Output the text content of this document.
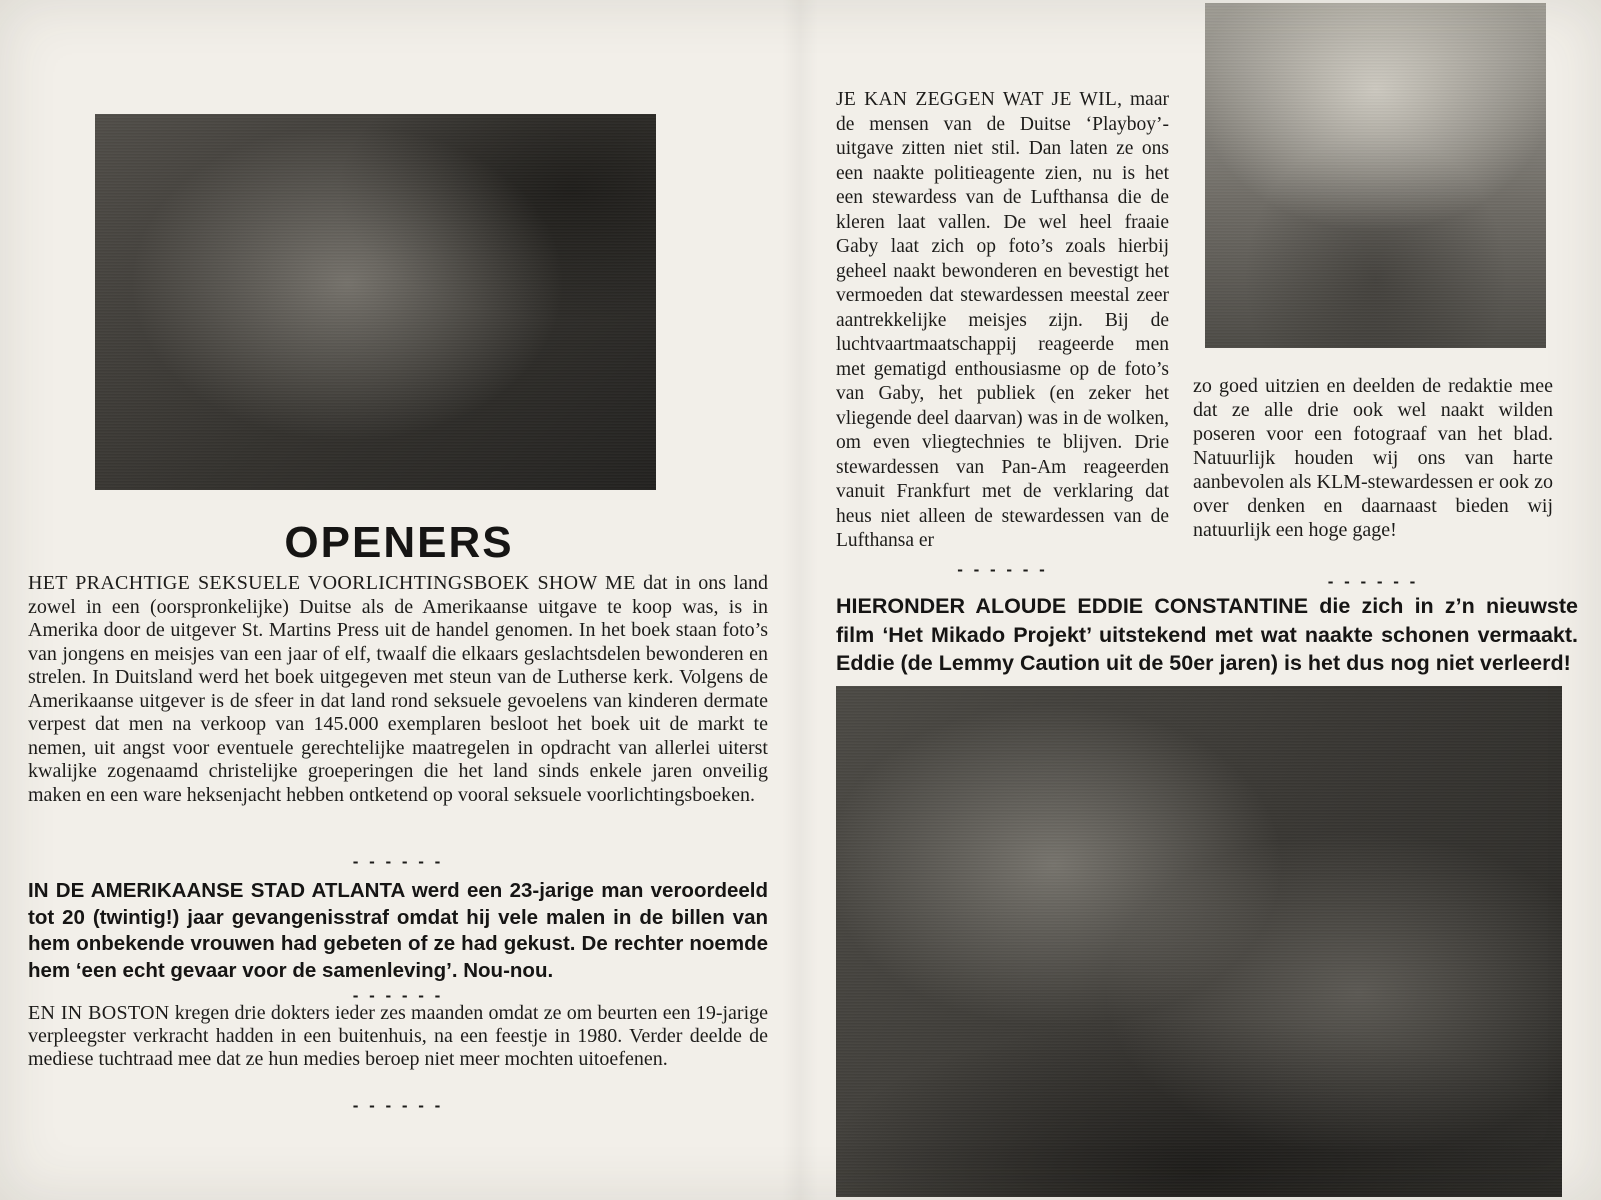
OPENERS

HET PRACHTIGE SEKSUELE VOORLICHTINGSBOEK SHOW ME dat in ons land zowel in een (oorspronkelijke) Duitse als de Amerikaanse uitgave te koop was, is in Amerika door de uitgever St. Martins Press uit de handel genomen. In het boek staan foto’s van jongens en meisjes van een jaar of elf, twaalf die elkaars geslachtsdelen bewonderen en strelen. In Duitsland werd het boek uitgegeven met steun van de Lutherse kerk. Volgens de Amerikaanse uitgever is de sfeer in dat land rond seksuele gevoelens van kinderen dermate verpest dat men na verkoop van 145.000 exemplaren besloot het boek uit de markt te nemen, uit angst voor eventuele gerechtelijke maatregelen in opdracht van allerlei uiterst kwalijke zogenaamd christelijke groeperingen die het land sinds enkele jaren onveilig maken en een ware heksenjacht hebben ontketend op vooral seksuele voorlichtingsboeken.

- - - - - -

IN DE AMERIKAANSE STAD ATLANTA werd een 23-jarige man veroordeeld tot 20 (twintig!) jaar gevangenisstraf omdat hij vele malen in de billen van hem onbekende vrouwen had gebeten of ze had gekust. De rechter noemde hem ‘een echt gevaar voor de samenleving’. Nou-nou.

- - - - - -

EN IN BOSTON kregen drie dokters ieder zes maanden omdat ze om beurten een 19-jarige verpleegster verkracht hadden in een buitenhuis, na een feestje in 1980. Verder deelde de mediese tuchtraad mee dat ze hun medies beroep niet meer mochten uitoefenen.

- - - - - -

JE KAN ZEGGEN WAT JE WIL, maar de mensen van de Duitse ‘Playboy’-uitgave zitten niet stil. Dan laten ze ons een naakte politieagente zien, nu is het een stewardess van de Lufthansa die de kleren laat vallen. De wel heel fraaie Gaby laat zich op foto’s zoals hierbij geheel naakt bewonderen en bevestigt het vermoeden dat stewardessen meestal zeer aantrekkelijke meisjes zijn. Bij de luchtvaartmaatschappij reageerde men met gematigd enthousiasme op de foto’s van Gaby, het publiek (en zeker het vliegende deel daarvan) was in de wolken, om even vliegtechnies te blijven. Drie stewardessen van Pan-Am reageerden vanuit Frankfurt met de verklaring dat heus niet alleen de stewardessen van de Lufthansa er

- - - - - -

zo goed uitzien en deelden de redaktie mee dat ze alle drie ook wel naakt wilden poseren voor een fotograaf van het blad. Natuurlijk houden wij ons van harte aanbevolen als KLM-stewardessen er ook zo over denken en daarnaast bieden wij natuurlijk een hoge gage!

- - - - - -

HIERONDER ALOUDE EDDIE CONSTANTINE die zich in z’n nieuwste film ‘Het Mikado Projekt’ uitstekend met wat naakte schonen vermaakt. Eddie (de Lemmy Caution uit de 50er jaren) is het dus nog niet verleerd!
